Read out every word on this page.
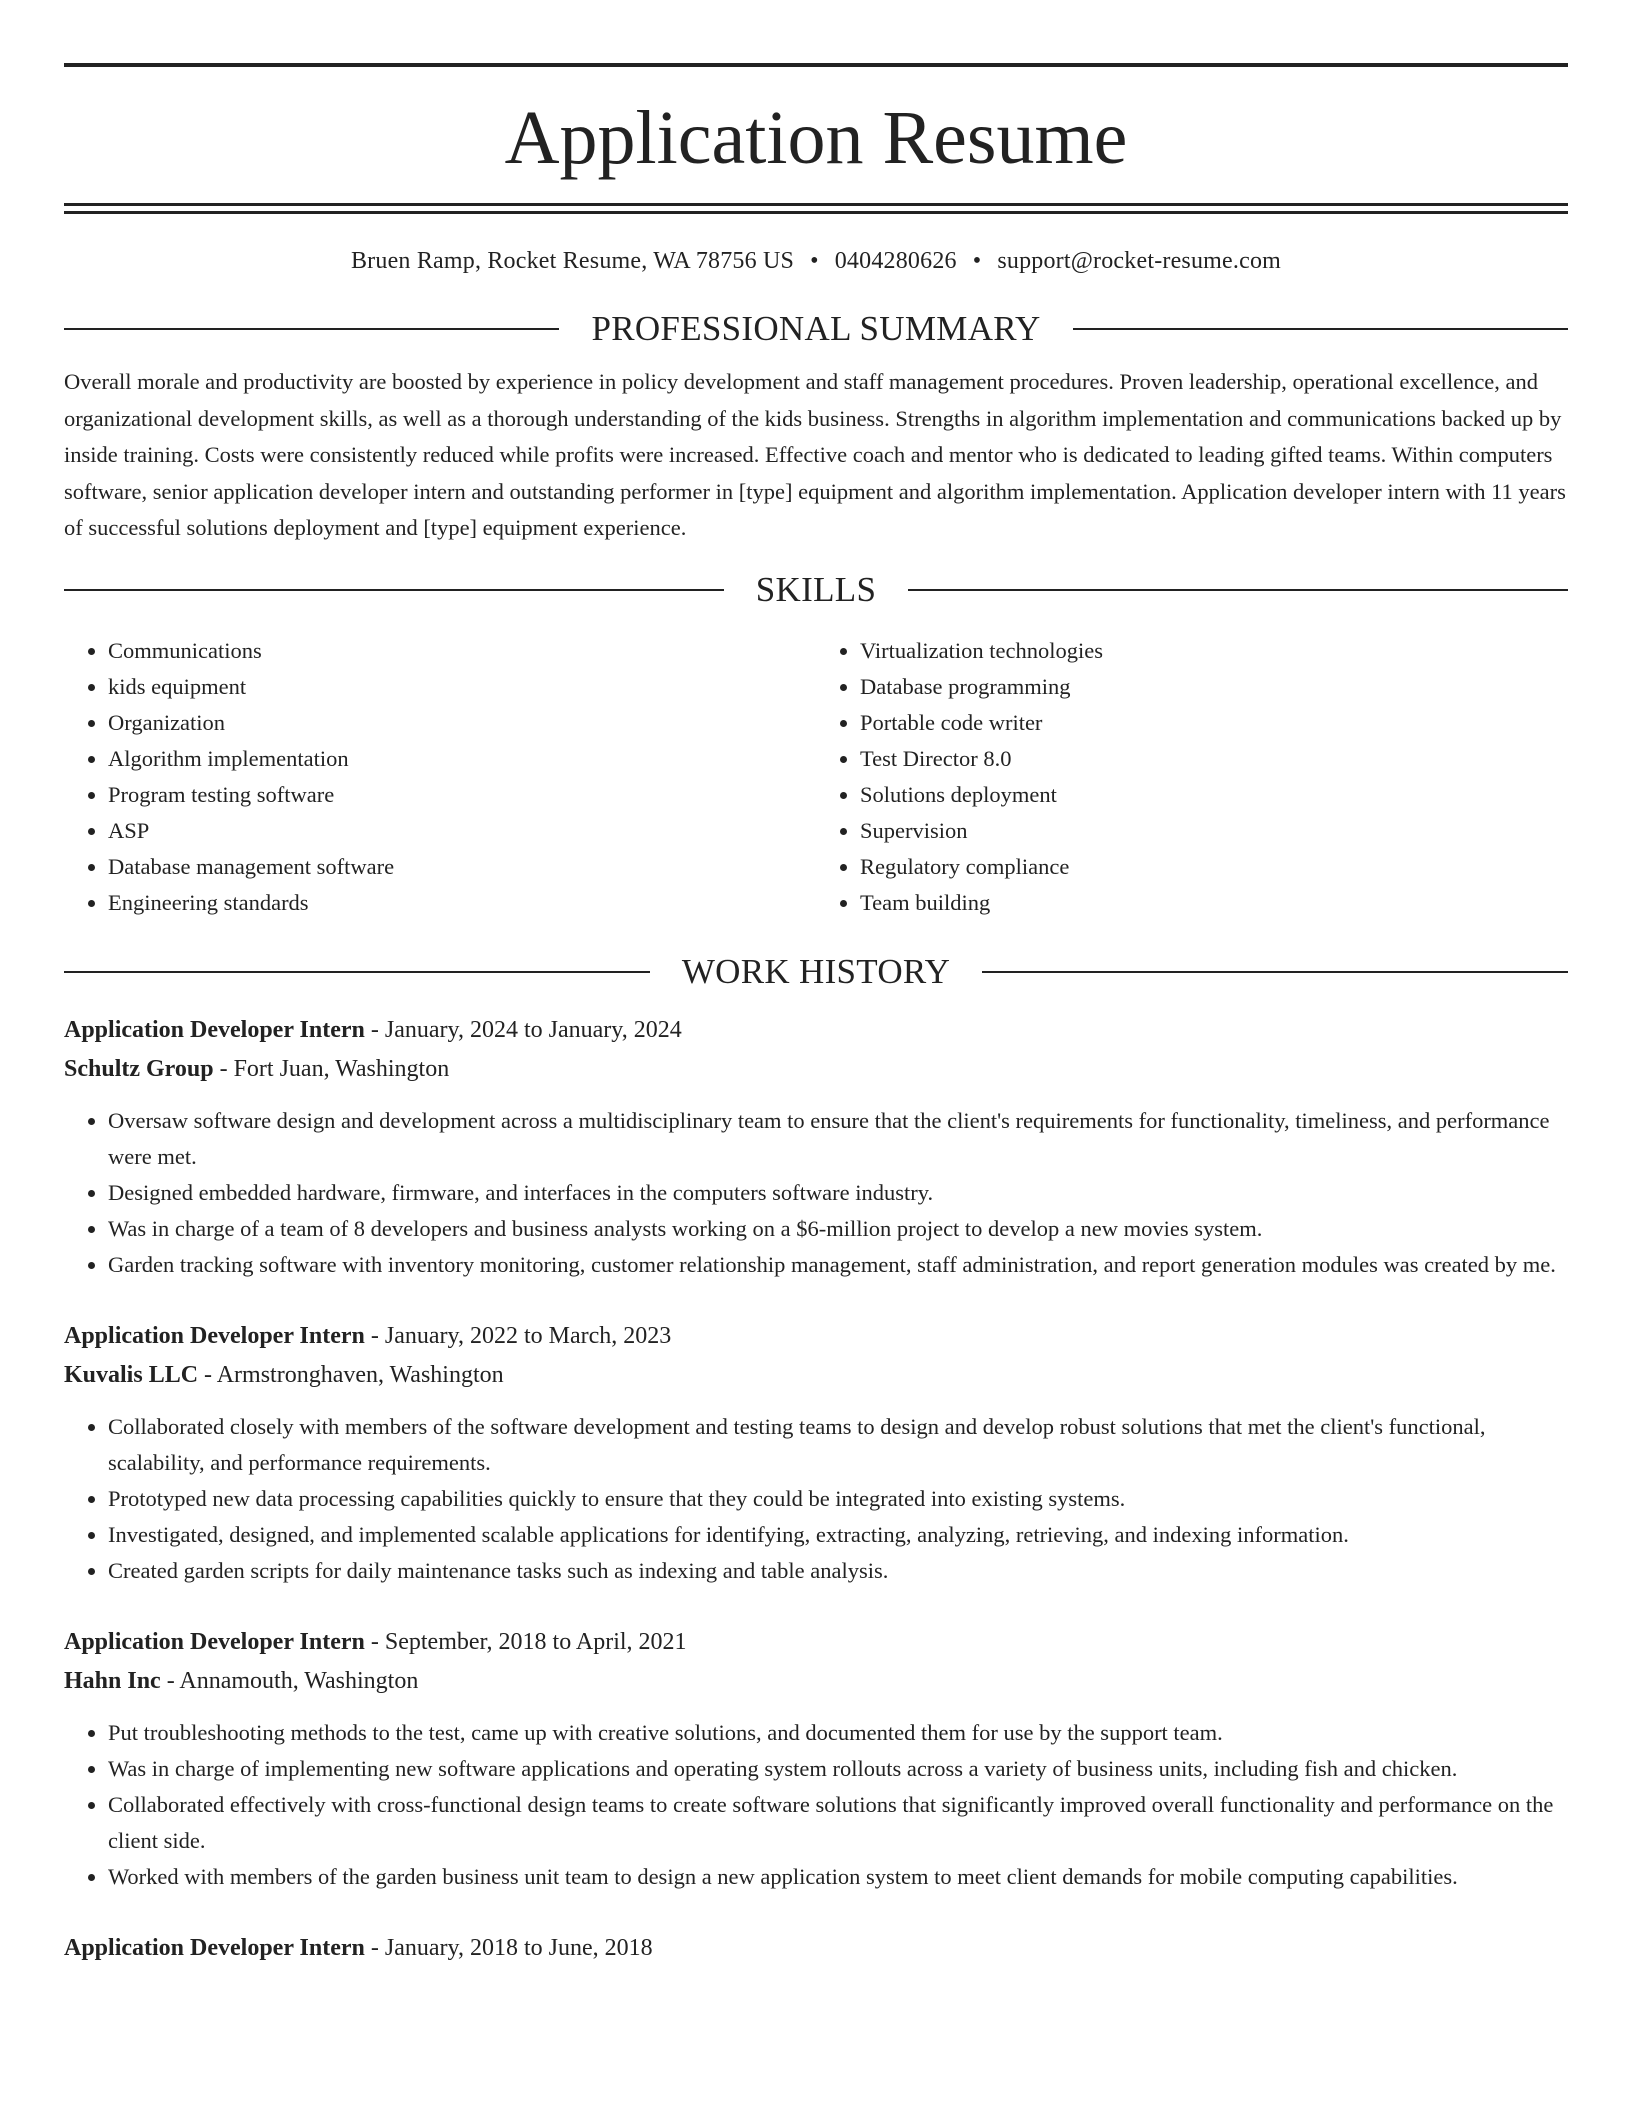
Application Resume
Bruen Ramp, Rocket Resume, WA 78756 US • 0404280626 • support@rocket-resume.com
PROFESSIONAL SUMMARY
Overall morale and productivity are boosted by experience in policy development and staff management procedures. Proven leadership, operational excellence, and organizational development skills, as well as a thorough understanding of the kids business. Strengths in algorithm implementation and communications backed up by inside training. Costs were consistently reduced while profits were increased. Effective coach and mentor who is dedicated to leading gifted teams. Within computers software, senior application developer intern and outstanding performer in [type] equipment and algorithm implementation. Application developer intern with 11 years of successful solutions deployment and [type] equipment experience.
SKILLS
• Communications
• kids equipment
• Organization
• Algorithm implementation
• Program testing software
• ASP
• Database management software
• Engineering standards
• Virtualization technologies
• Database programming
• Portable code writer
• Test Director 8.0
• Solutions deployment
• Supervision
• Regulatory compliance
• Team building
WORK HISTORY
Application Developer Intern - January, 2024 to January, 2024
Schultz Group - Fort Juan, Washington
• Oversaw software design and development across a multidisciplinary team to ensure that the client's requirements for functionality, timeliness, and performance were met.
• Designed embedded hardware, firmware, and interfaces in the computers software industry.
• Was in charge of a team of 8 developers and business analysts working on a $6-million project to develop a new movies system.
• Garden tracking software with inventory monitoring, customer relationship management, staff administration, and report generation modules was created by me.
Application Developer Intern - January, 2022 to March, 2023
Kuvalis LLC - Armstronghaven, Washington
• Collaborated closely with members of the software development and testing teams to design and develop robust solutions that met the client's functional, scalability, and performance requirements.
• Prototyped new data processing capabilities quickly to ensure that they could be integrated into existing systems.
• Investigated, designed, and implemented scalable applications for identifying, extracting, analyzing, retrieving, and indexing information.
• Created garden scripts for daily maintenance tasks such as indexing and table analysis.
Application Developer Intern - September, 2018 to April, 2021
Hahn Inc - Annamouth, Washington
• Put troubleshooting methods to the test, came up with creative solutions, and documented them for use by the support team.
• Was in charge of implementing new software applications and operating system rollouts across a variety of business units, including fish and chicken.
• Collaborated effectively with cross-functional design teams to create software solutions that significantly improved overall functionality and performance on the client side.
• Worked with members of the garden business unit team to design a new application system to meet client demands for mobile computing capabilities.
Application Developer Intern - January, 2018 to June, 2018
